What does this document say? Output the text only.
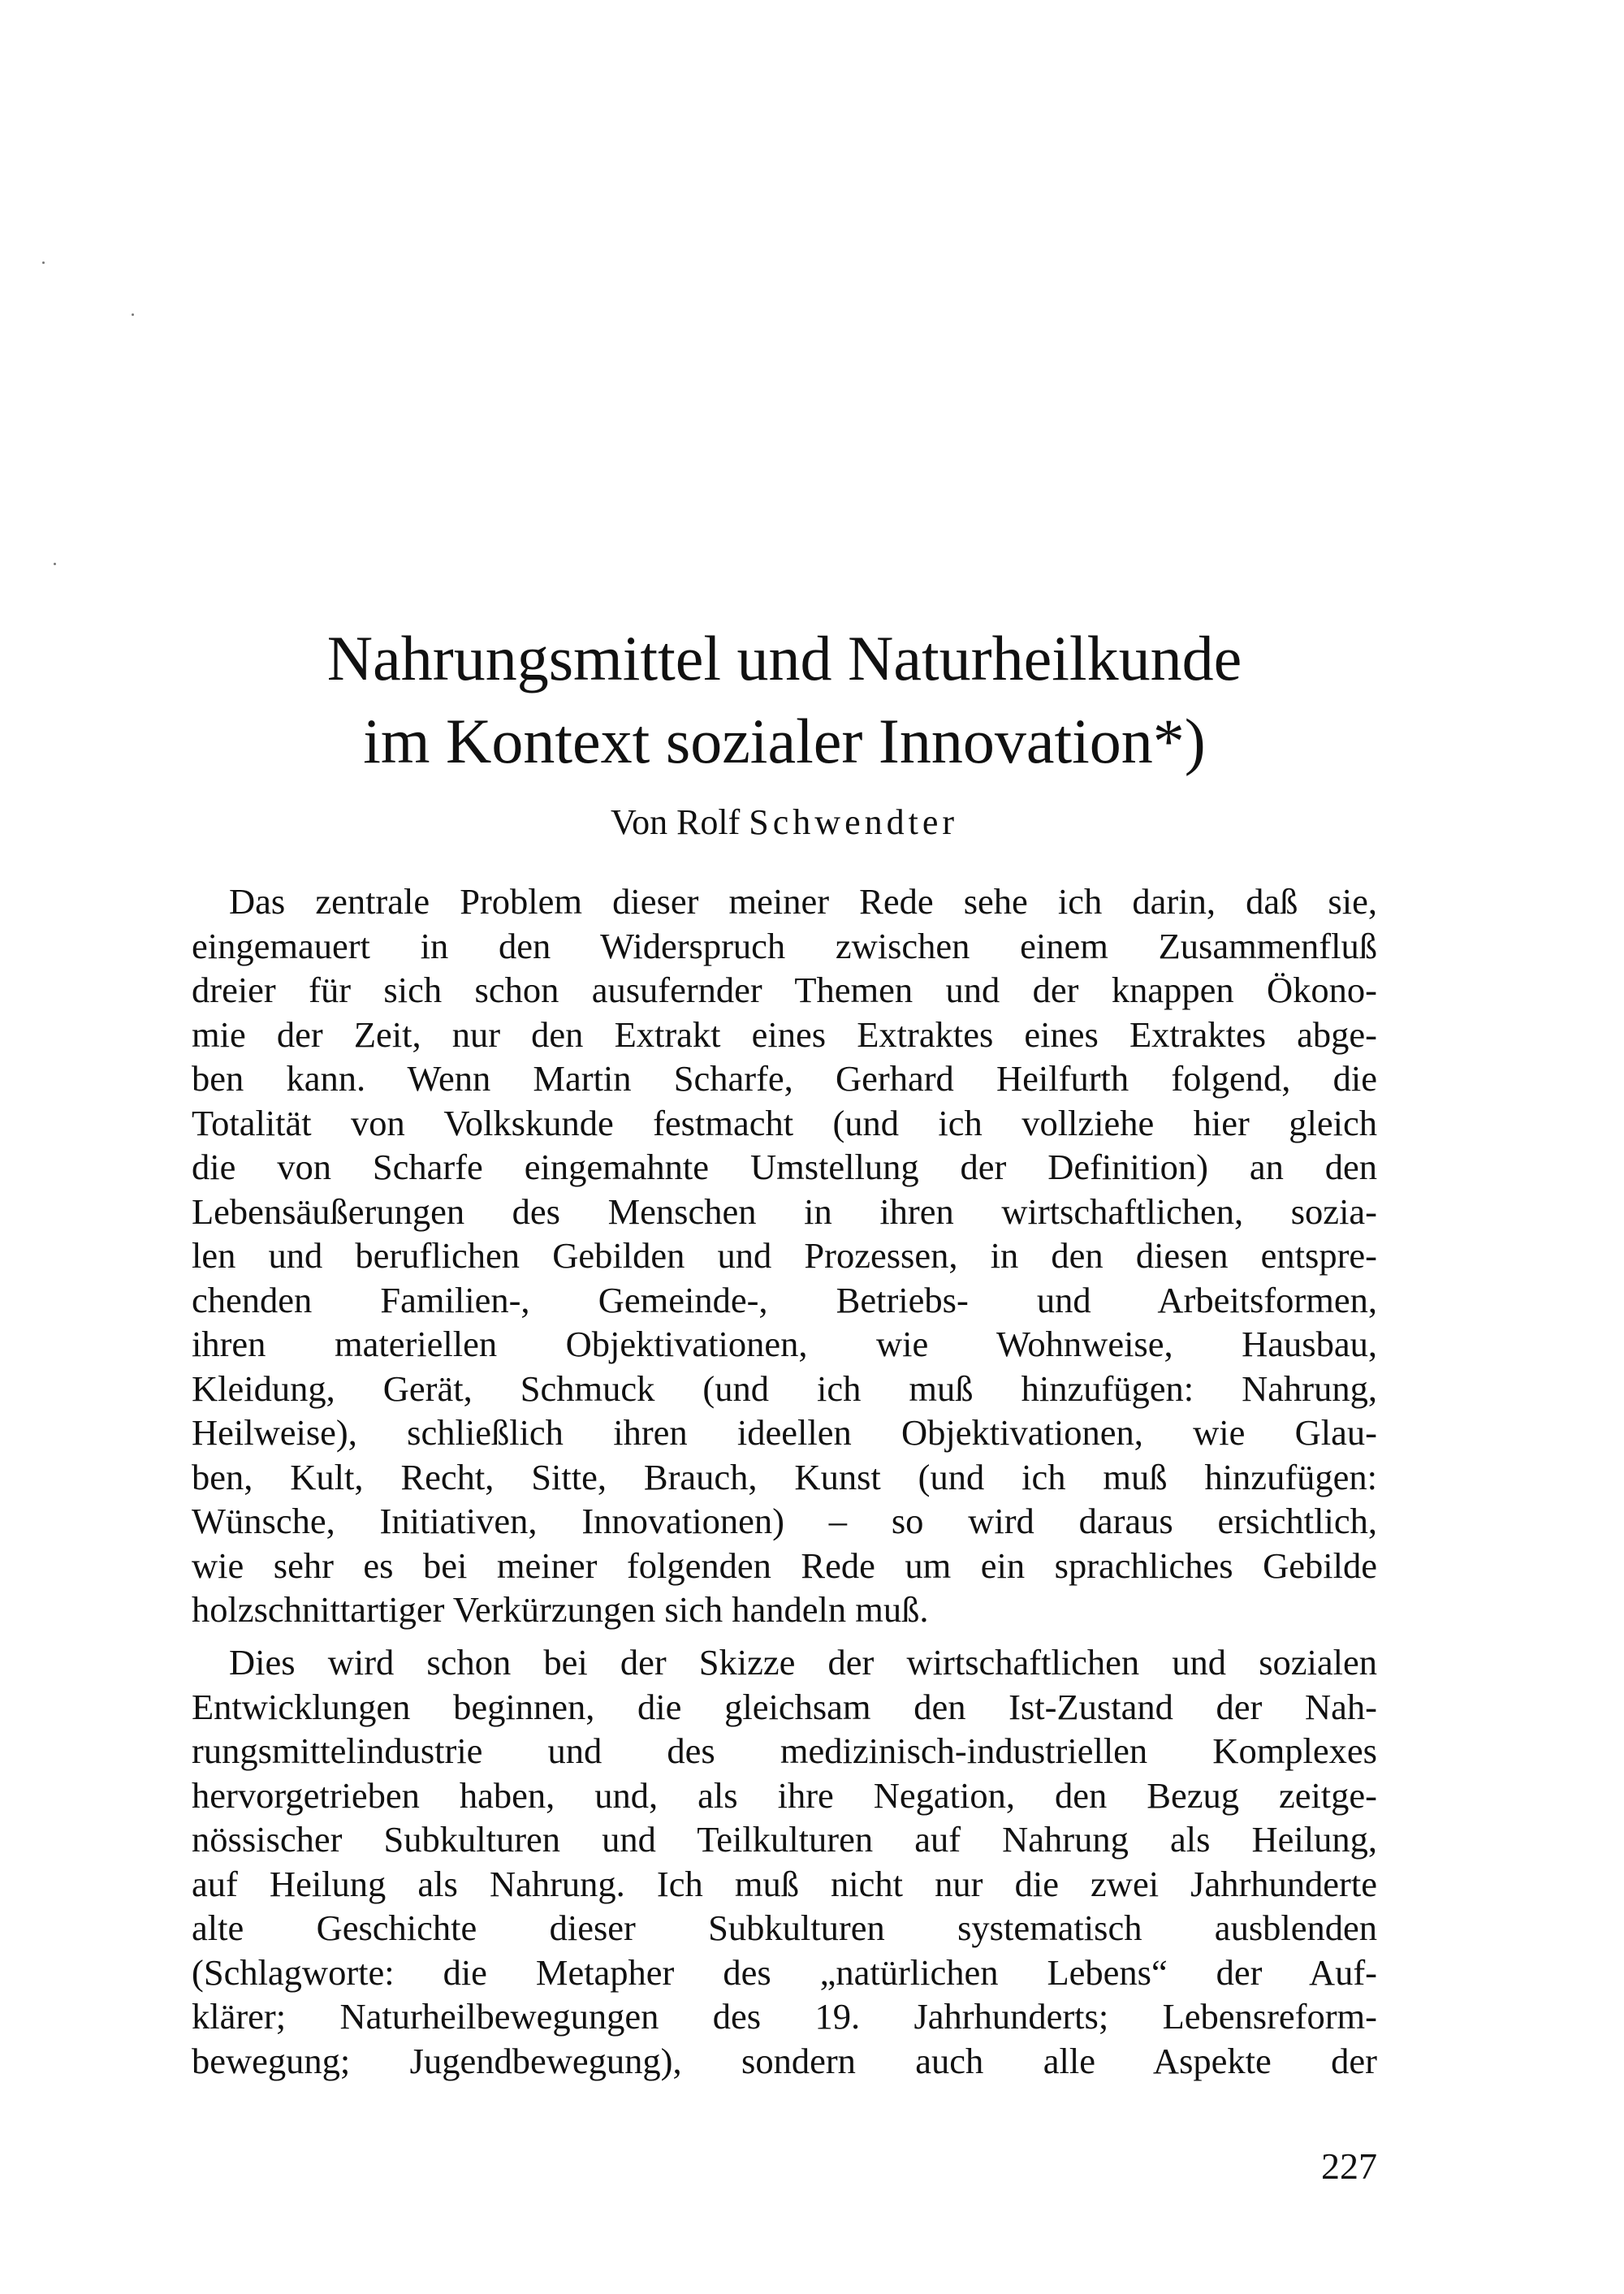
Nahrungsmittel und Naturheilkunde
im Kontext sozialer Innovation*)

Von Rolf Schwendter

Das zentrale Problem dieser meiner Rede sehe ich darin, daß sie,
eingemauert in den Widerspruch zwischen einem Zusammenfluß
dreier für sich schon ausufernder Themen und der knappen Ökono-
mie der Zeit, nur den Extrakt eines Extraktes eines Extraktes abge-
ben kann. Wenn Martin Scharfe, Gerhard Heilfurth folgend, die
Totalität von Volkskunde festmacht (und ich vollziehe hier gleich
die von Scharfe eingemahnte Umstellung der Definition) an den
Lebensäußerungen des Menschen in ihren wirtschaftlichen, sozia-
len und beruflichen Gebilden und Prozessen, in den diesen entspre-
chenden Familien-, Gemeinde-, Betriebs- und Arbeitsformen,
ihren materiellen Objektivationen, wie Wohnweise, Hausbau,
Kleidung, Gerät, Schmuck (und ich muß hinzufügen: Nahrung,
Heilweise), schließlich ihren ideellen Objektivationen, wie Glau-
ben, Kult, Recht, Sitte, Brauch, Kunst (und ich muß hinzufügen:
Wünsche, Initiativen, Innovationen) – so wird daraus ersichtlich,
wie sehr es bei meiner folgenden Rede um ein sprachliches Gebilde
holzschnittartiger Verkürzungen sich handeln muß.
Dies wird schon bei der Skizze der wirtschaftlichen und sozialen
Entwicklungen beginnen, die gleichsam den Ist-Zustand der Nah-
rungsmittelindustrie und des medizinisch-industriellen Komplexes
hervorgetrieben haben, und, als ihre Negation, den Bezug zeitge-
nössischer Subkulturen und Teilkulturen auf Nahrung als Heilung,
auf Heilung als Nahrung. Ich muß nicht nur die zwei Jahrhunderte
alte Geschichte dieser Subkulturen systematisch ausblenden
(Schlagworte: die Metapher des „natürlichen Lebens“ der Auf-
klärer; Naturheilbewegungen des 19. Jahrhunderts; Lebensreform-
bewegung; Jugendbewegung), sondern auch alle Aspekte der
227
